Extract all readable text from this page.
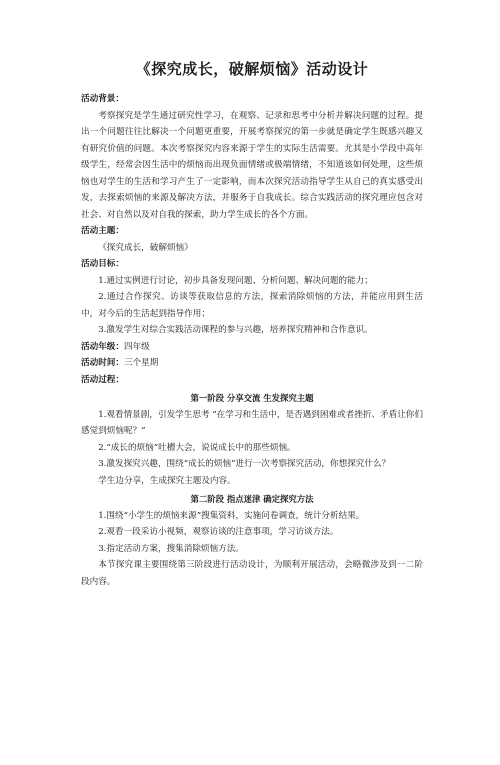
《探究成长，破解烦恼》活动设计

活动背景：

考察探究是学生通过研究性学习，在观察、记录和思考中分析并解决问题的过程。提出一个问题往往比解决一个问题更重要，开展考察探究的第一步就是确定学生既感兴趣又有研究价值的问题。本次考察探究内容来源于学生的实际生活需要。尤其是小学段中高年级学生，经常会因生活中的烦恼而出现负面情绪或极端情绪，不知道该如何处理，这些烦恼也对学生的生活和学习产生了一定影响，而本次探究活动指导学生从自己的真实感受出发，去探索烦恼的来源及解决方法，并服务于自我成长。综合实践活动的探究理应包含对社会、对自然以及对自我的探索，助力学生成长的各个方面。

活动主题：

《探究成长，破解烦恼》

活动目标：

1.通过实例进行讨论，初步具备发现问题、分析问题、解决问题的能力；

2.通过合作探究、访谈等获取信息的方法，探索消除烦恼的方法，并能应用到生活中，对今后的生活起到指导作用；

3.激发学生对综合实践活动课程的参与兴趣，培养探究精神和合作意识。

活动年级：四年级

活动时间：三个星期

活动过程：

第一阶段 分享交流 生发探究主题

1.观看情景剧，引发学生思考 “在学习和生活中，是否遇到困难或者挫折、矛盾让你们感觉到烦恼呢？”

2.“成长的烦恼”吐槽大会，说说成长中的那些烦恼。

3.激发探究兴趣，围绕“成长的烦恼”进行一次考察探究活动，你想探究什么？

学生边分享，生成探究主题及内容。

第二阶段 指点迷津 确定探究方法

1.围绕“小学生的烦恼来源”搜集资料，实施问卷调查，统计分析结果。

2.观看一段采访小视频，观察访谈的注意事项，学习访谈方法。

3.指定活动方案，搜集消除烦恼方法。

本节探究课主要围绕第三阶段进行活动设计，为顺利开展活动，会略微涉及到一二阶段内容。
